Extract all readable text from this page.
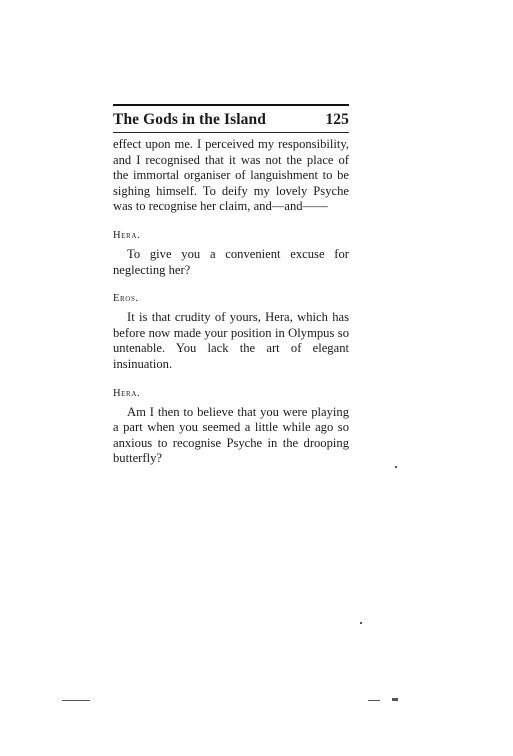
The Gods in the Island	125

effect upon me. I perceived my responsibility, and I recognised that it was not the place of the immortal organiser of languishment to be sighing himself. To deify my lovely Psyche was to recognise her claim, and—and——

Hera.

To give you a convenient excuse for neglecting her?

Eros.

It is that crudity of yours, Hera, which has before now made your position in Olympus so untenable. You lack the art of elegant insinuation.

Hera.

Am I then to believe that you were playing a part when you seemed a little while ago so anxious to recognise Psyche in the drooping butterfly?
